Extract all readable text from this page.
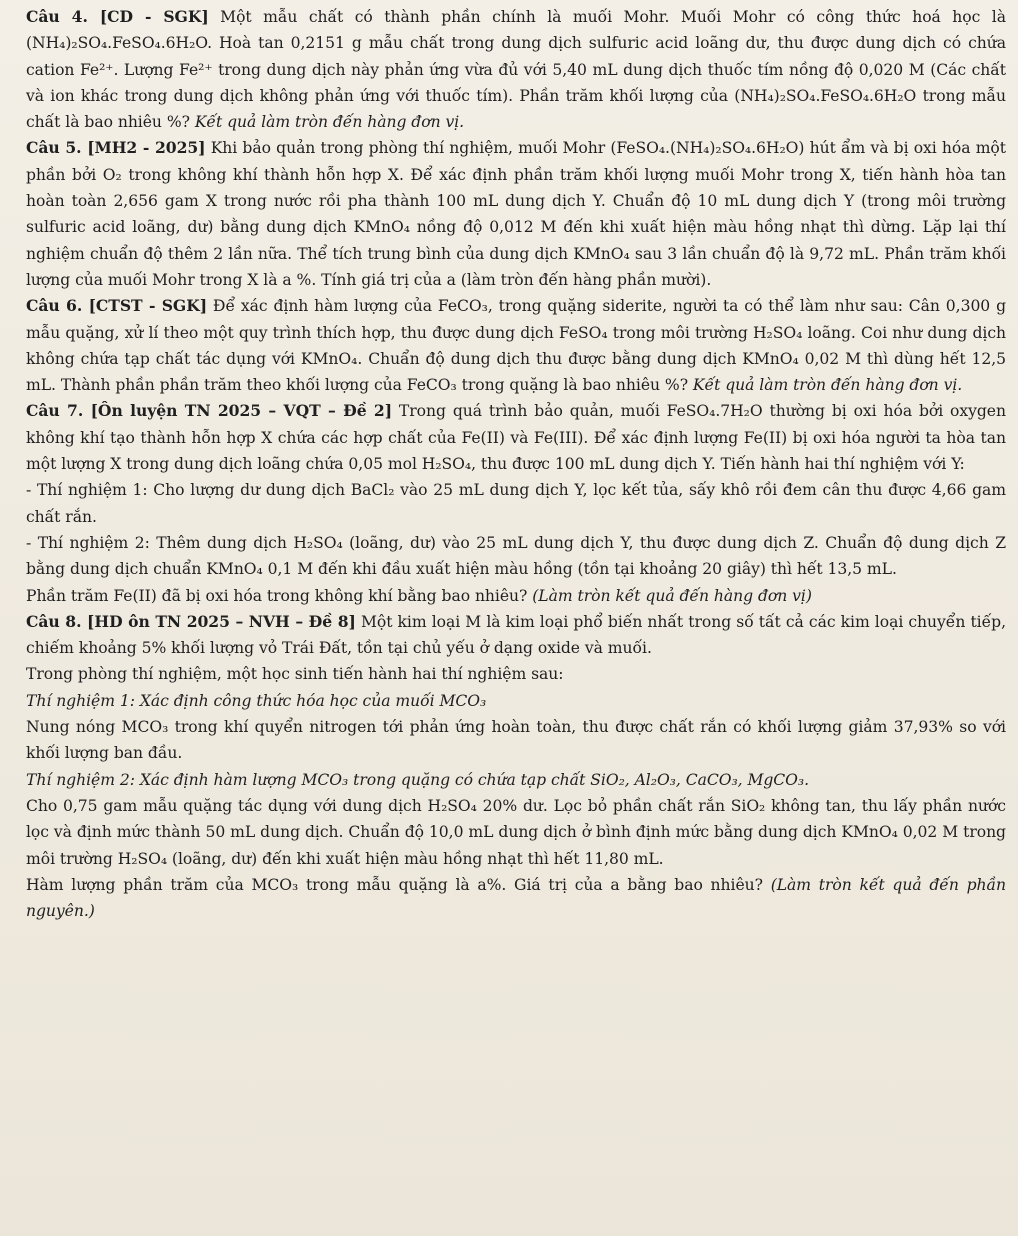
Câu 4. [CD - SGK] Một mẫu chất có thành phần chính là muối Mohr. Muối Mohr có công thức hoá học là (NH₄)₂SO₄.FeSO₄.6H₂O. Hoà tan 0,2151 g mẫu chất trong dung dịch sulfuric acid loãng dư, thu được dung dịch có chứa cation Fe²⁺. Lượng Fe²⁺ trong dung dịch này phản ứng vừa đủ với 5,40 mL dung dịch thuốc tím nồng độ 0,020 M (Các chất và ion khác trong dung dịch không phản ứng với thuốc tím). Phần trăm khối lượng của (NH₄)₂SO₄.FeSO₄.6H₂O trong mẫu chất là bao nhiêu %? Kết quả làm tròn đến hàng đơn vị.

Câu 5. [MH2 - 2025] Khi bảo quản trong phòng thí nghiệm, muối Mohr (FeSO₄.(NH₄)₂SO₄.6H₂O) hút ẩm và bị oxi hóa một phần bởi O₂ trong không khí thành hỗn hợp X. Để xác định phần trăm khối lượng muối Mohr trong X, tiến hành hòa tan hoàn toàn 2,656 gam X trong nước rồi pha thành 100 mL dung dịch Y. Chuẩn độ 10 mL dung dịch Y (trong môi trường sulfuric acid loãng, dư) bằng dung dịch KMnO₄ nồng độ 0,012 M đến khi xuất hiện màu hồng nhạt thì dừng. Lặp lại thí nghiệm chuẩn độ thêm 2 lần nữa. Thể tích trung bình của dung dịch KMnO₄ sau 3 lần chuẩn độ là 9,72 mL. Phần trăm khối lượng của muối Mohr trong X là a %. Tính giá trị của a (làm tròn đến hàng phần mười).

Câu 6. [CTST - SGK] Để xác định hàm lượng của FeCO₃, trong quặng siderite, người ta có thể làm như sau: Cân 0,300 g mẫu quặng, xử lí theo một quy trình thích hợp, thu được dung dịch FeSO₄ trong môi trường H₂SO₄ loãng. Coi như dung dịch không chứa tạp chất tác dụng với KMnO₄. Chuẩn độ dung dịch thu được bằng dung dịch KMnO₄ 0,02 M thì dùng hết 12,5 mL. Thành phần phần trăm theo khối lượng của FeCO₃ trong quặng là bao nhiêu %? Kết quả làm tròn đến hàng đơn vị.

Câu 7. [Ôn luyện TN 2025 – VQT – Đề 2] Trong quá trình bảo quản, muối FeSO₄.7H₂O thường bị oxi hóa bởi oxygen không khí tạo thành hỗn hợp X chứa các hợp chất của Fe(II) và Fe(III). Để xác định lượng Fe(II) bị oxi hóa người ta hòa tan một lượng X trong dung dịch loãng chứa 0,05 mol H₂SO₄, thu được 100 mL dung dịch Y. Tiến hành hai thí nghiệm với Y:

- Thí nghiệm 1: Cho lượng dư dung dịch BaCl₂ vào 25 mL dung dịch Y, lọc kết tủa, sấy khô rồi đem cân thu được 4,66 gam chất rắn.

- Thí nghiệm 2: Thêm dung dịch H₂SO₄ (loãng, dư) vào 25 mL dung dịch Y, thu được dung dịch Z. Chuẩn độ dung dịch Z bằng dung dịch chuẩn KMnO₄ 0,1 M đến khi đầu xuất hiện màu hồng (tồn tại khoảng 20 giây) thì hết 13,5 mL.

Phần trăm Fe(II) đã bị oxi hóa trong không khí bằng bao nhiêu? (Làm tròn kết quả đến hàng đơn vị)

Câu 8. [HD ôn TN 2025 – NVH – Đề 8] Một kim loại M là kim loại phổ biến nhất trong số tất cả các kim loại chuyển tiếp, chiếm khoảng 5% khối lượng vỏ Trái Đất, tồn tại chủ yếu ở dạng oxide và muối.

Trong phòng thí nghiệm, một học sinh tiến hành hai thí nghiệm sau:

Thí nghiệm 1: Xác định công thức hóa học của muối MCO₃

Nung nóng MCO₃ trong khí quyển nitrogen tới phản ứng hoàn toàn, thu được chất rắn có khối lượng giảm 37,93% so với khối lượng ban đầu.

Thí nghiệm 2: Xác định hàm lượng MCO₃ trong quặng có chứa tạp chất SiO₂, Al₂O₃, CaCO₃, MgCO₃.

Cho 0,75 gam mẫu quặng tác dụng với dung dịch H₂SO₄ 20% dư. Lọc bỏ phần chất rắn SiO₂ không tan, thu lấy phần nước lọc và định mức thành 50 mL dung dịch. Chuẩn độ 10,0 mL dung dịch ở bình định mức bằng dung dịch KMnO₄ 0,02 M trong môi trường H₂SO₄ (loãng, dư) đến khi xuất hiện màu hồng nhạt thì hết 11,80 mL.

Hàm lượng phần trăm của MCO₃ trong mẫu quặng là a%. Giá trị của a bằng bao nhiêu? (Làm tròn kết quả đến phần nguyên.)
